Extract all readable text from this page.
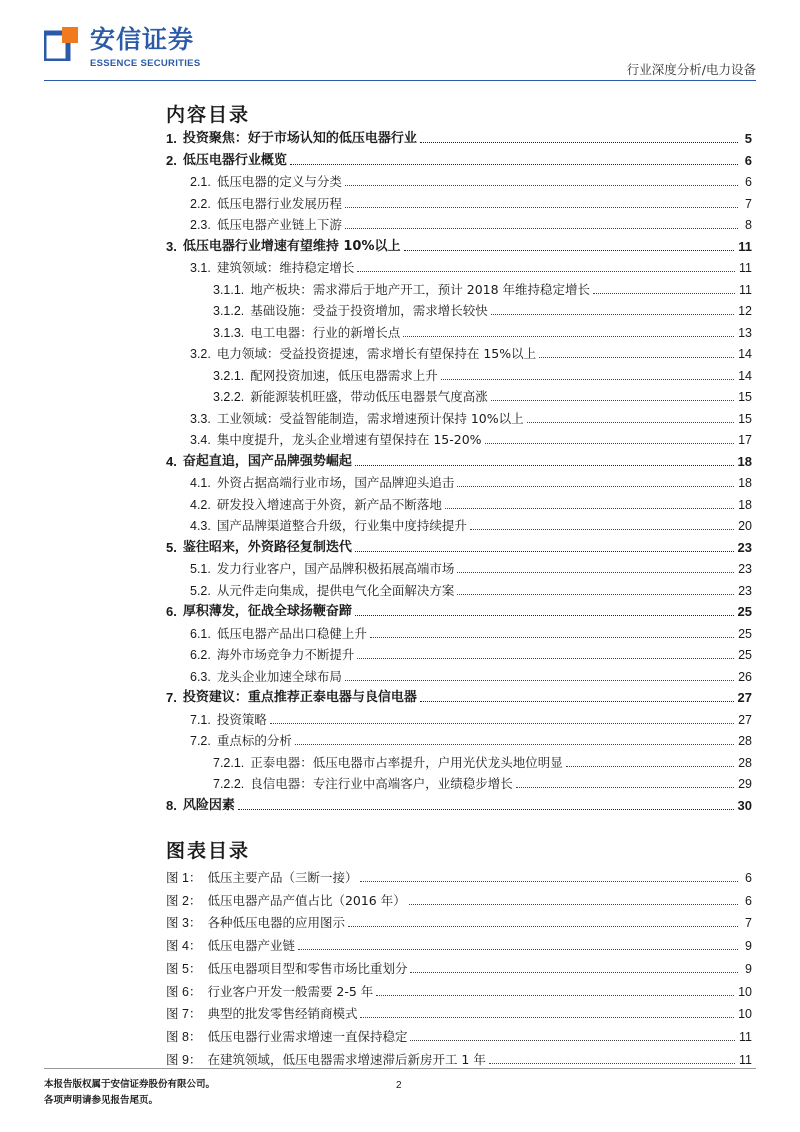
安信证券
ESSENCE SECURITIES	行业深度分析/电力设备
内容目录
1. 投资聚焦：好于市场认知的低压电器行业	5
2. 低压电器行业概览	6
2.1. 低压电器的定义与分类	6
2.2. 低压电器行业发展历程	7
2.3. 低压电器产业链上下游	8
3. 低压电器行业增速有望维持 10%以上	11
3.1. 建筑领域：维持稳定增长	11
3.1.1. 地产板块：需求滞后于地产开工，预计 2018 年维持稳定增长	11
3.1.2. 基础设施：受益于投资增加，需求增长较快	12
3.1.3. 电工电器：行业的新增长点	13
3.2. 电力领域：受益投资提速，需求增长有望保持在 15%以上	14
3.2.1. 配网投资加速，低压电器需求上升	14
3.2.2. 新能源装机旺盛，带动低压电器景气度高涨	15
3.3. 工业领域：受益智能制造，需求增速预计保持 10%以上	15
3.4. 集中度提升，龙头企业增速有望保持在 15-20%	17
4. 奋起直追，国产品牌强势崛起	18
4.1. 外资占据高端行业市场，国产品牌迎头追击	18
4.2. 研发投入增速高于外资，新产品不断落地	18
4.3. 国产品牌渠道整合升级，行业集中度持续提升	20
5. 鉴往昭来，外资路径复制迭代	23
5.1. 发力行业客户，国产品牌积极拓展高端市场	23
5.2. 从元件走向集成，提供电气化全面解决方案	23
6. 厚积薄发，征战全球扬鞭奋蹄	25
6.1. 低压电器产品出口稳健上升	25
6.2. 海外市场竞争力不断提升	25
6.3. 龙头企业加速全球布局	26
7. 投资建议：重点推荐正泰电器与良信电器	27
7.1. 投资策略	27
7.2. 重点标的分析	28
7.2.1. 正泰电器：低压电器市占率提升，户用光伏龙头地位明显	28
7.2.2. 良信电器：专注行业中高端客户，业绩稳步增长	29
8. 风险因素	30
图表目录
图 1： 低压主要产品（三断一接）	6
图 2： 低压电器产品产值占比（2016 年）	6
图 3： 各种低压电器的应用图示	7
图 4： 低压电器产业链	9
图 5： 低压电器项目型和零售市场比重划分	9
图 6： 行业客户开发一般需要 2-5 年	10
图 7： 典型的批发零售经销商模式	10
图 8： 低压电器行业需求增速一直保持稳定	11
图 9： 在建筑领域，低压电器需求增速滞后新房开工 1 年	11
本报告版权属于安信证券股份有限公司。
各项声明请参见报告尾页。
2
